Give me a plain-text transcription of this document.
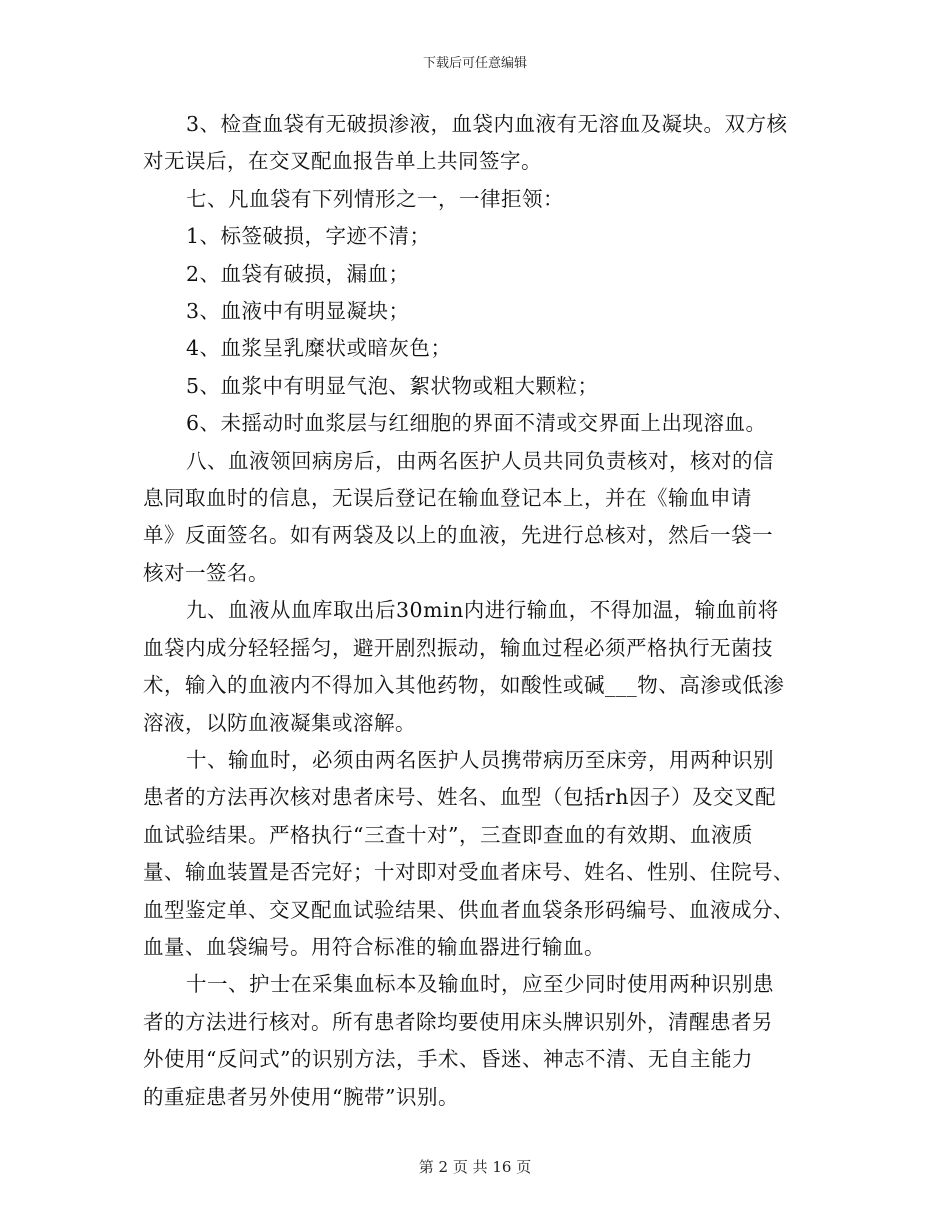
下载后可任意编辑

3、检查血袋有无破损渗液，血袋内血液有无溶血及凝块。双方核

对无误后，在交叉配血报告单上共同签字。

七、凡血袋有下列情形之一，一律拒领：

1、标签破损，字迹不清；

2、血袋有破损，漏血；

3、血液中有明显凝块；

4、血浆呈乳糜状或暗灰色；

5、血浆中有明显气泡、絮状物或粗大颗粒；

6、未摇动时血浆层与红细胞的界面不清或交界面上出现溶血。

八、血液领回病房后，由两名医护人员共同负责核对，核对的信

息同取血时的信息，无误后登记在输血登记本上，并在《输血申请

单》反面签名。如有两袋及以上的血液，先进行总核对，然后一袋一

核对一签名。

九、血液从血库取出后30min内进行输血，不得加温，输血前将

血袋内成分轻轻摇匀，避开剧烈振动，输血过程必须严格执行无菌技

术，输入的血液内不得加入其他药物，如酸性或碱___物、高渗或低渗

溶液，以防血液凝集或溶解。

十、输血时，必须由两名医护人员携带病历至床旁，用两种识别

患者的方法再次核对患者床号、姓名、血型（包括rh因子）及交叉配

血试验结果。严格执行“三查十对”，三查即查血的有效期、血液质

量、输血装置是否完好；十对即对受血者床号、姓名、性别、住院号、

血型鉴定单、交叉配血试验结果、供血者血袋条形码编号、血液成分、

血量、血袋编号。用符合标准的输血器进行输血。

十一、护士在采集血标本及输血时，应至少同时使用两种识别患

者的方法进行核对。所有患者除均要使用床头牌识别外，清醒患者另

外使用“反问式”的识别方法，手术、昏迷、神志不清、无自主能力

的重症患者另外使用“腕带”识别。

第 2 页 共 16 页
